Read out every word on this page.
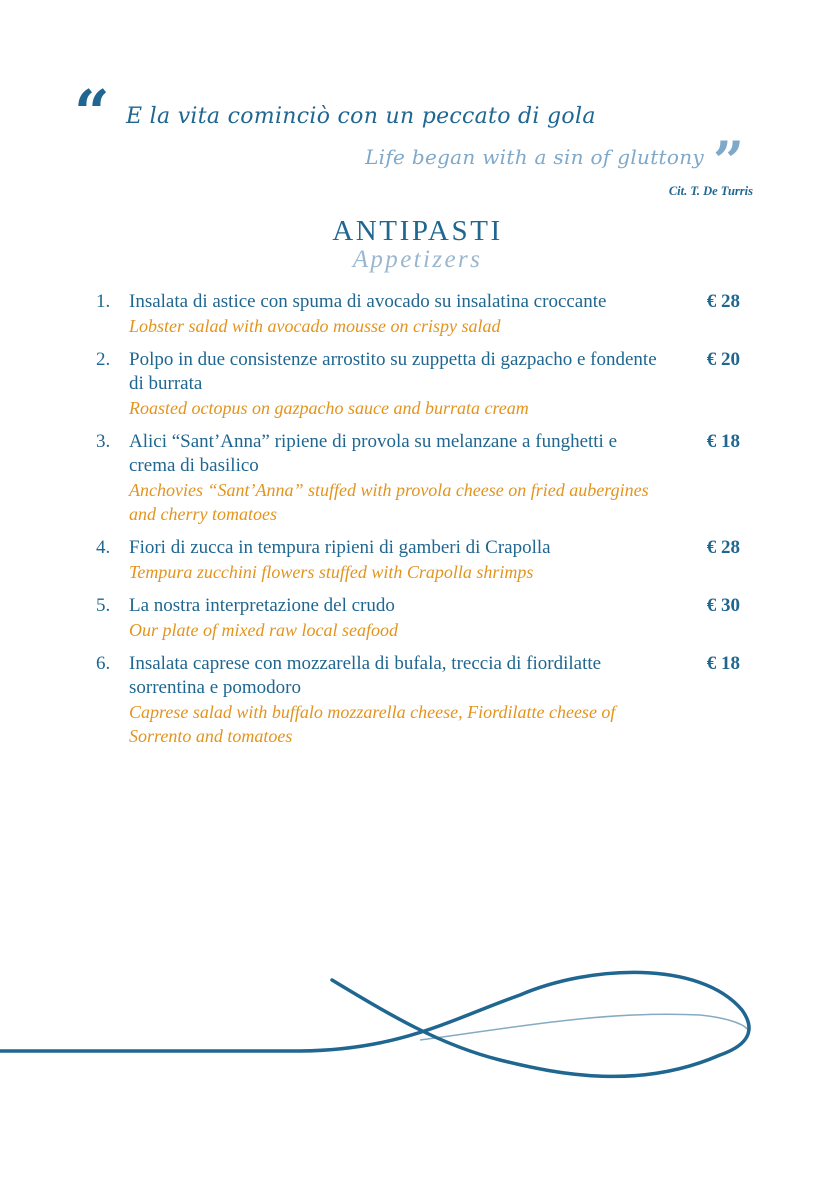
“ E la vita cominciò con un peccato di gola
Life began with a sin of gluttony ”
Cit. T. De Turris
ANTIPASTI
Appetizers
1. Insalata di astice con spuma di avocado su insalatina croccante
Lobster salad with avocado mousse on crispy salad
€ 28
2. Polpo in due consistenze arrostito su zuppetta di gazpacho e fondente di burrata
Roasted octopus on gazpacho sauce and burrata cream
€ 20
3. Alici “Sant’Anna” ripiene di provola su melanzane a funghetti e crema di basilico
Anchovies “Sant’Anna” stuffed with provola cheese on fried aubergines and cherry tomatoes
€ 18
4. Fiori di zucca in tempura ripieni di gamberi di Crapolla
Tempura zucchini flowers stuffed with Crapolla shrimps
€ 28
5. La nostra interpretazione del crudo
Our plate of mixed raw local seafood
€ 30
6. Insalata caprese con mozzarella di bufala, treccia di fiordilatte sorrentina e pomodoro
Caprese salad with buffalo mozzarella cheese, Fiordilatte cheese of Sorrento and tomatoes
€ 18
